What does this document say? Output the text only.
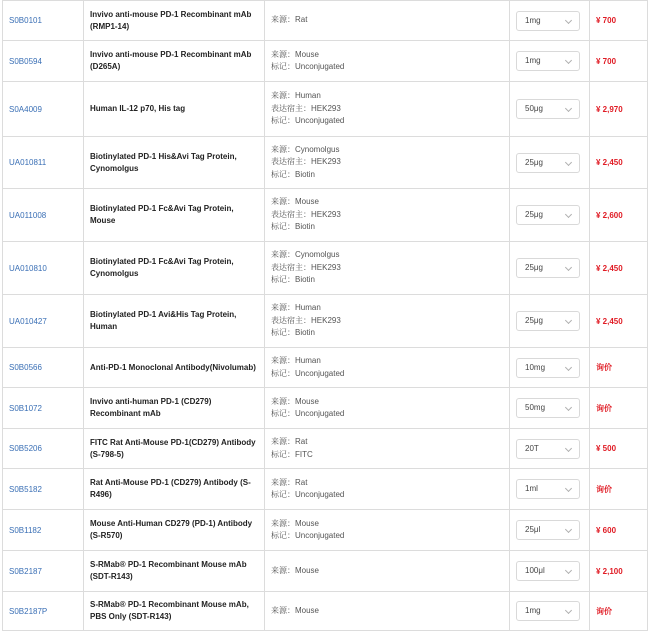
S0B0101	Invivo anti-mouse PD-1 Recombinant mAb (RMP1-14)	来源：Rat	1mg	¥ 700
S0B0594	Invivo anti-mouse PD-1 Recombinant mAb (D265A)	来源：Mouse
标记：Unconjugated	1mg	¥ 700
S0A4009	Human IL-12 p70, His tag	来源：Human
表达宿主：HEK293
标记：Unconjugated	50μg	¥ 2,970
UA010811	Biotinylated PD-1 His&Avi Tag Protein, Cynomolgus	来源：Cynomolgus
表达宿主：HEK293
标记：Biotin	25μg	¥ 2,450
UA011008	Biotinylated PD-1 Fc&Avi Tag Protein, Mouse	来源：Mouse
表达宿主：HEK293
标记：Biotin	25μg	¥ 2,600
UA010810	Biotinylated PD-1 Fc&Avi Tag Protein, Cynomolgus	来源：Cynomolgus
表达宿主：HEK293
标记：Biotin	25μg	¥ 2,450
UA010427	Biotinylated PD-1 Avi&His Tag Protein, Human	来源：Human
表达宿主：HEK293
标记：Biotin	25μg	¥ 2,450
S0B0566	Anti-PD-1 Monoclonal Antibody(Nivolumab)	来源：Human
标记：Unconjugated	10mg	询价
S0B1072	Invivo anti-human PD-1 (CD279) Recombinant mAb	来源：Mouse
标记：Unconjugated	50mg	询价
S0B5206	FITC Rat Anti-Mouse PD-1(CD279) Antibody (S-798-5)	来源：Rat
标记：FITC	20T	¥ 500
S0B5182	Rat Anti-Mouse PD-1 (CD279) Antibody (S-R496)	来源：Rat
标记：Unconjugated	1ml	询价
S0B1182	Mouse Anti-Human CD279 (PD-1) Antibody (S-R570)	来源：Mouse
标记：Unconjugated	25μl	¥ 600
S0B2187	S-RMab® PD-1 Recombinant Mouse mAb (SDT-R143)	来源：Mouse	100μl	¥ 2,100
S0B2187P	S-RMab® PD-1 Recombinant Mouse mAb, PBS Only (SDT-R143)	来源：Mouse	1mg	询价
